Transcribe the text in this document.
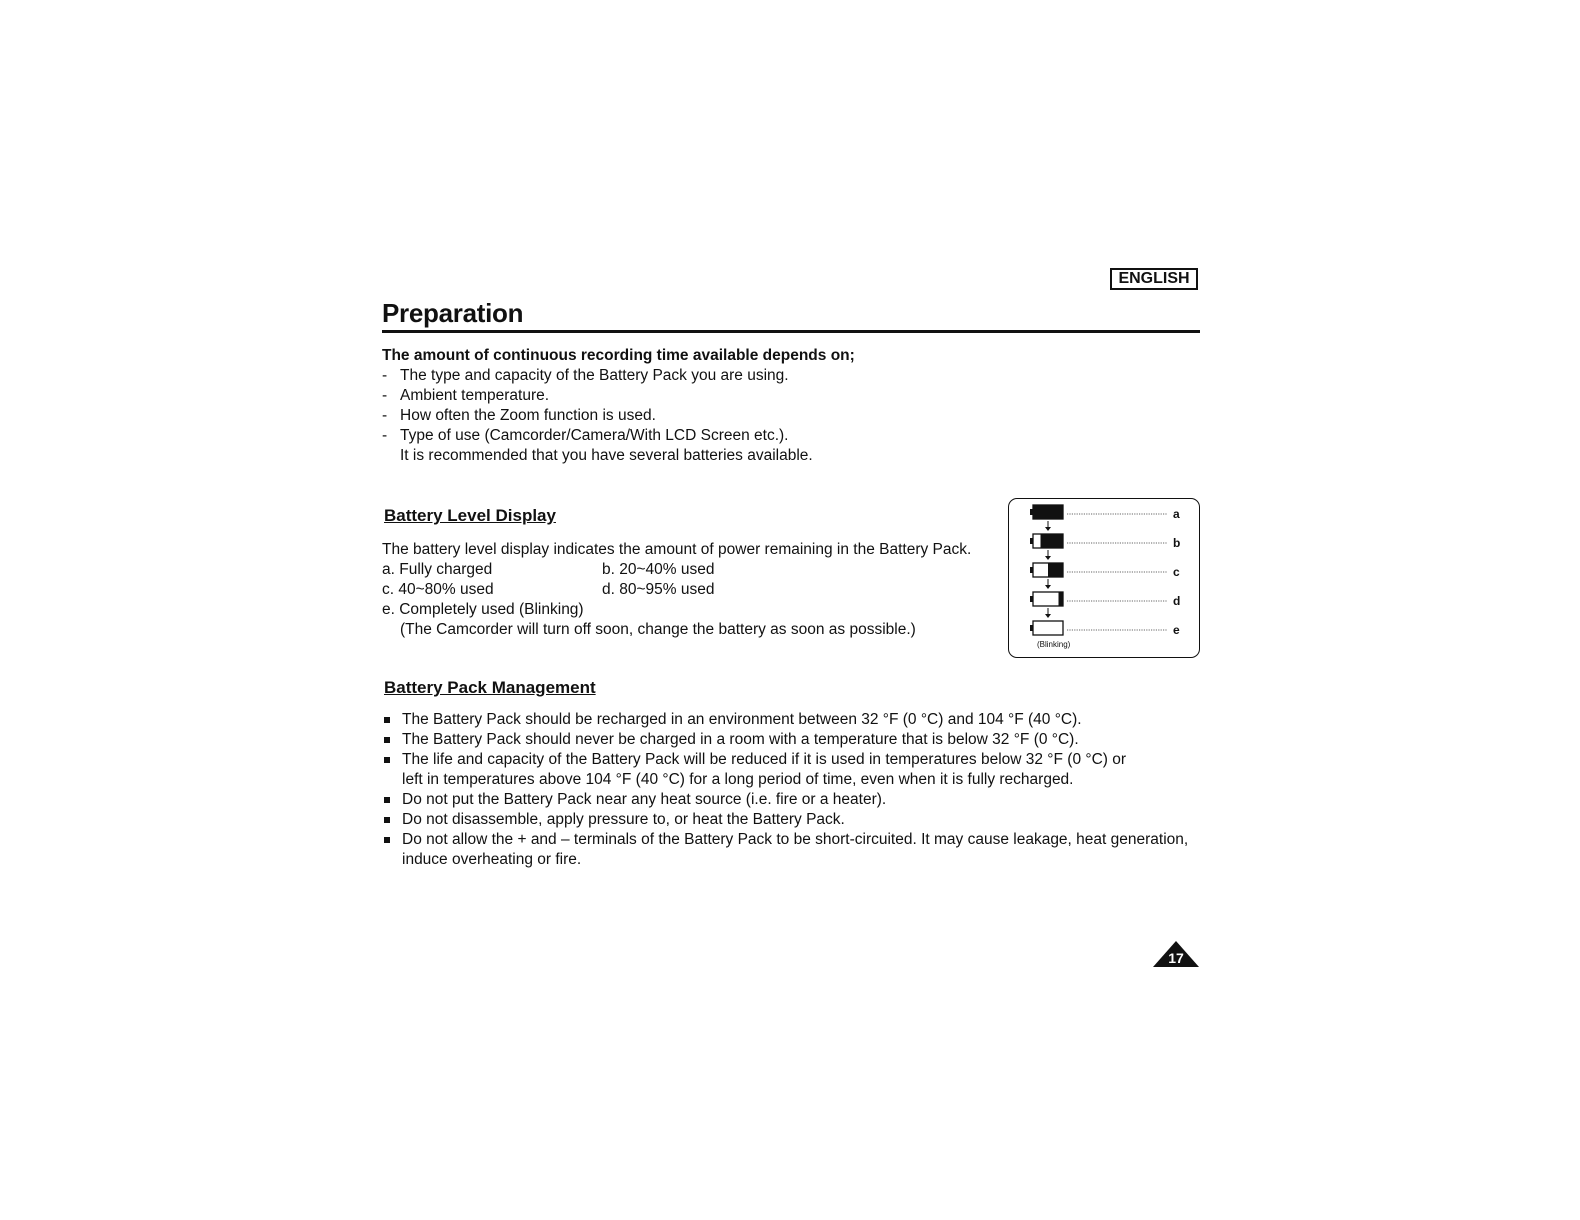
ENGLISH
Preparation
The amount of continuous recording time available depends on;
- The type and capacity of the Battery Pack you are using.
- Ambient temperature.
- How often the Zoom function is used.
- Type of use (Camcorder/Camera/With LCD Screen etc.).
It is recommended that you have several batteries available.
Battery Level Display
The battery level display indicates the amount of power remaining in the Battery Pack.
a. Fully charged	b. 20~40% used
c. 40~80% used	d. 80~95% used
e. Completely used (Blinking)
(The Camcorder will turn off soon, change the battery as soon as possible.)
a
b
c
d
e
(Blinking)
Battery Pack Management
The Battery Pack should be recharged in an environment between 32 °F (0 °C) and 104 °F (40 °C).
The Battery Pack should never be charged in a room with a temperature that is below 32 °F (0 °C).
The life and capacity of the Battery Pack will be reduced if it is used in temperatures below 32 °F (0 °C) or
left in temperatures above 104 °F (40 °C) for a long period of time, even when it is fully recharged.
Do not put the Battery Pack near any heat source (i.e. fire or a heater).
Do not disassemble, apply pressure to, or heat the Battery Pack.
Do not allow the + and – terminals of the Battery Pack to be short-circuited. It may cause leakage, heat generation,
induce overheating or fire.
17
